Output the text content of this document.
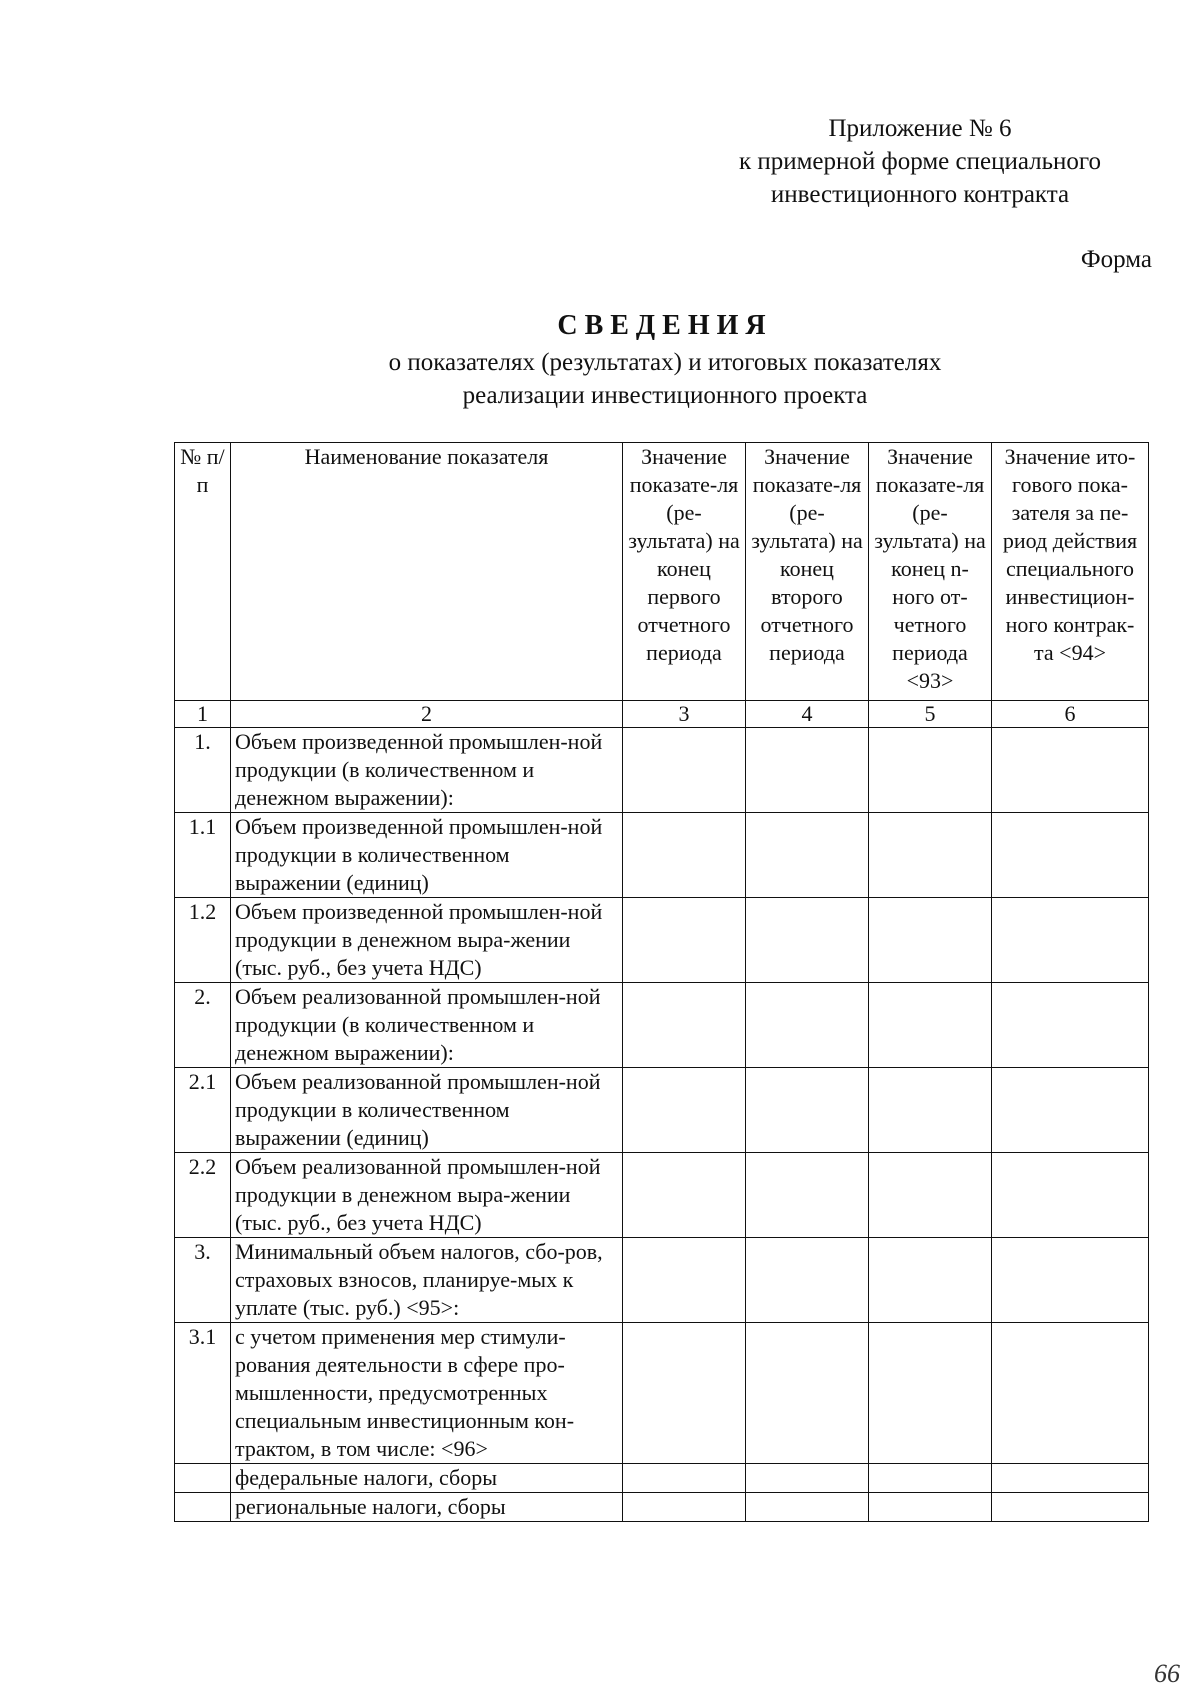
Приложение № 6
к примерной форме специального
инвестиционного контракта
Форма
СВЕДЕНИЯ
о показателях (результатах) и итоговых показателях
реализации инвестиционного проекта
№ п/п	Наименование показателя	Значение показате-ля (ре-зультата) на конец первого отчетного периода	Значение показате-ля (ре-зультата) на конец второго отчетного периода	Значение показате-ля (ре-зультата) на конец n-ного от-четного периода <93>	Значение ито-гового пока-зателя за пе-риод действия специального инвестицион-ного контрак-та <94>
1	2	3	4	5	6
1.	Объем произведенной промышлен-ной продукции (в количественном и денежном выражении):				
1.1	Объем произведенной промышлен-ной продукции в количественном выражении (единиц)				
1.2	Объем произведенной промышлен-ной продукции в денежном выра-жении (тыс. руб., без учета НДС)				
2.	Объем реализованной промышлен-ной продукции (в количественном и денежном выражении):				
2.1	Объем реализованной промышлен-ной продукции в количественном выражении (единиц)				
2.2	Объем реализованной промышлен-ной продукции в денежном выра-жении (тыс. руб., без учета НДС)				
3.	Минимальный объем налогов, сбо-ров, страховых взносов, планируе-мых к уплате (тыс. руб.) <95>:				
3.1	с учетом применения мер стимули-рования деятельности в сфере про-мышленности, предусмотренных специальным инвестиционным кон-трактом, в том числе: <96>				
	федеральные налоги, сборы				
	региональные налоги, сборы				
66
